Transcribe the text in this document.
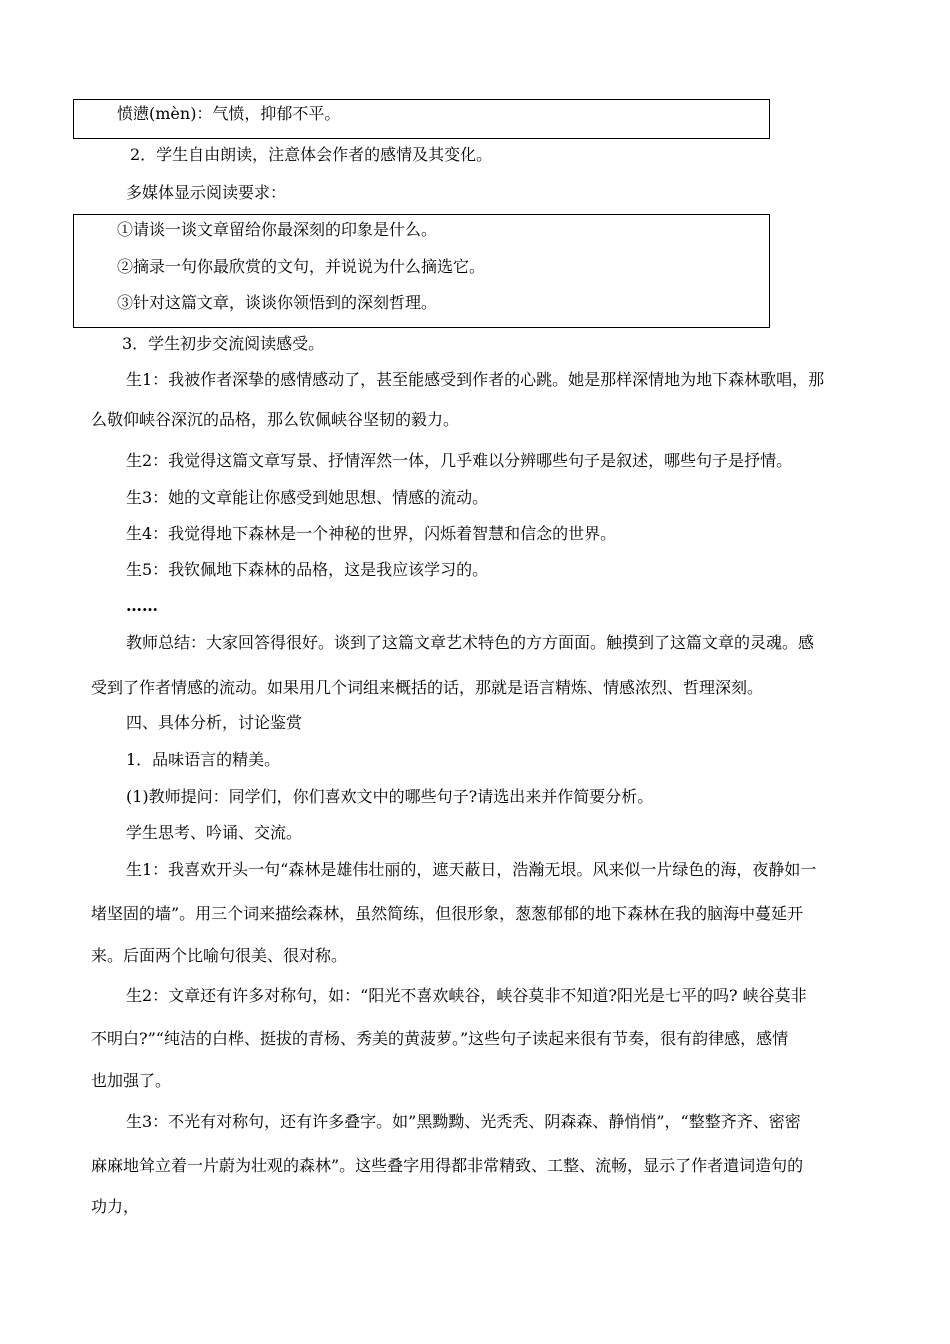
愤懑(mèn)：气愤，抑郁不平。
2．学生自由朗读，注意体会作者的感情及其变化。
多媒体显示阅读要求：
①请谈一谈文章留给你最深刻的印象是什么。
②摘录一句你最欣赏的文句，并说说为什么摘选它。
③针对这篇文章，谈谈你领悟到的深刻哲理。
3．学生初步交流阅读感受。
生1：我被作者深挚的感情感动了，甚至能感受到作者的心跳。她是那样深情地为地下森林歌唱，那
么敬仰峡谷深沉的品格，那么钦佩峡谷坚韧的毅力。
生2：我觉得这篇文章写景、抒情浑然一体，几乎难以分辨哪些句子是叙述，哪些句子是抒情。
生3：她的文章能让你感受到她思想、情感的流动。
生4：我觉得地下森林是一个神秘的世界，闪烁着智慧和信念的世界。
生5：我钦佩地下森林的品格，这是我应该学习的。
……
教师总结：大家回答得很好。谈到了这篇文章艺术特色的方方面面。触摸到了这篇文章的灵魂。感
受到了作者情感的流动。如果用几个词组来概括的话，那就是语言精炼、情感浓烈、哲理深刻。
四、具体分析，讨论鉴赏
1．品味语言的精美。
(1)教师提问：同学们，你们喜欢文中的哪些句子?请选出来并作简要分析。
学生思考、吟诵、交流。
生1：我喜欢开头一句“森林是雄伟壮丽的，遮天蔽日，浩瀚无垠。风来似一片绿色的海，夜静如一
堵坚固的墙”。用三个词来描绘森林，虽然简练，但很形象，葱葱郁郁的地下森林在我的脑海中蔓延开
来。后面两个比喻句很美、很对称。
生2：文章还有许多对称句，如：“阳光不喜欢峡谷，峡谷莫非不知道?阳光是七平的吗? 峡谷莫非
不明白?”“纯洁的白桦、挺拔的青杨、秀美的黄菠萝。”这些句子读起来很有节奏，很有韵律感，感情
也加强了。
生3：不光有对称句，还有许多叠字。如”黑黝黝、光秃秃、阴森森、静悄悄”，“整整齐齐、密密
麻麻地耸立着一片蔚为壮观的森林”。这些叠字用得都非常精致、工整、流畅，显示了作者遣词造句的
功力，
